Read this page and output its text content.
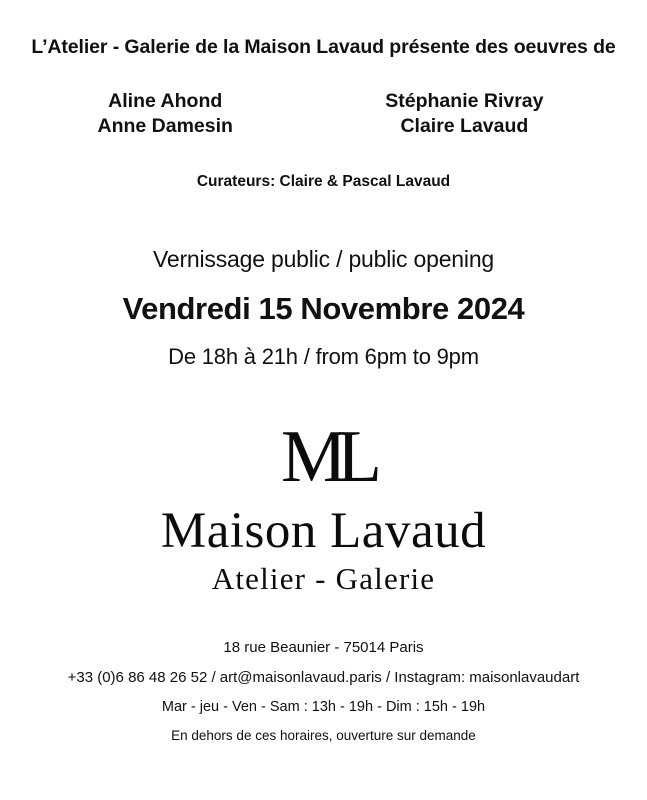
L’Atelier - Galerie de la Maison Lavaud présente des oeuvres de
Aline Ahond
Anne Damesin
Stéphanie Rivray
Claire Lavaud
Curateurs: Claire & Pascal Lavaud
Vernissage public / public opening
Vendredi 15 Novembre 2024
De 18h à 21h / from 6pm to 9pm
ML
Maison Lavaud
Atelier - Galerie
18 rue Beaunier - 75014 Paris
+33 (0)6 86 48 26 52 / art@maisonlavaud.paris / Instagram: maisonlavaudart
Mar - jeu - Ven - Sam : 13h - 19h - Dim : 15h - 19h
En dehors de ces horaires, ouverture sur demande
